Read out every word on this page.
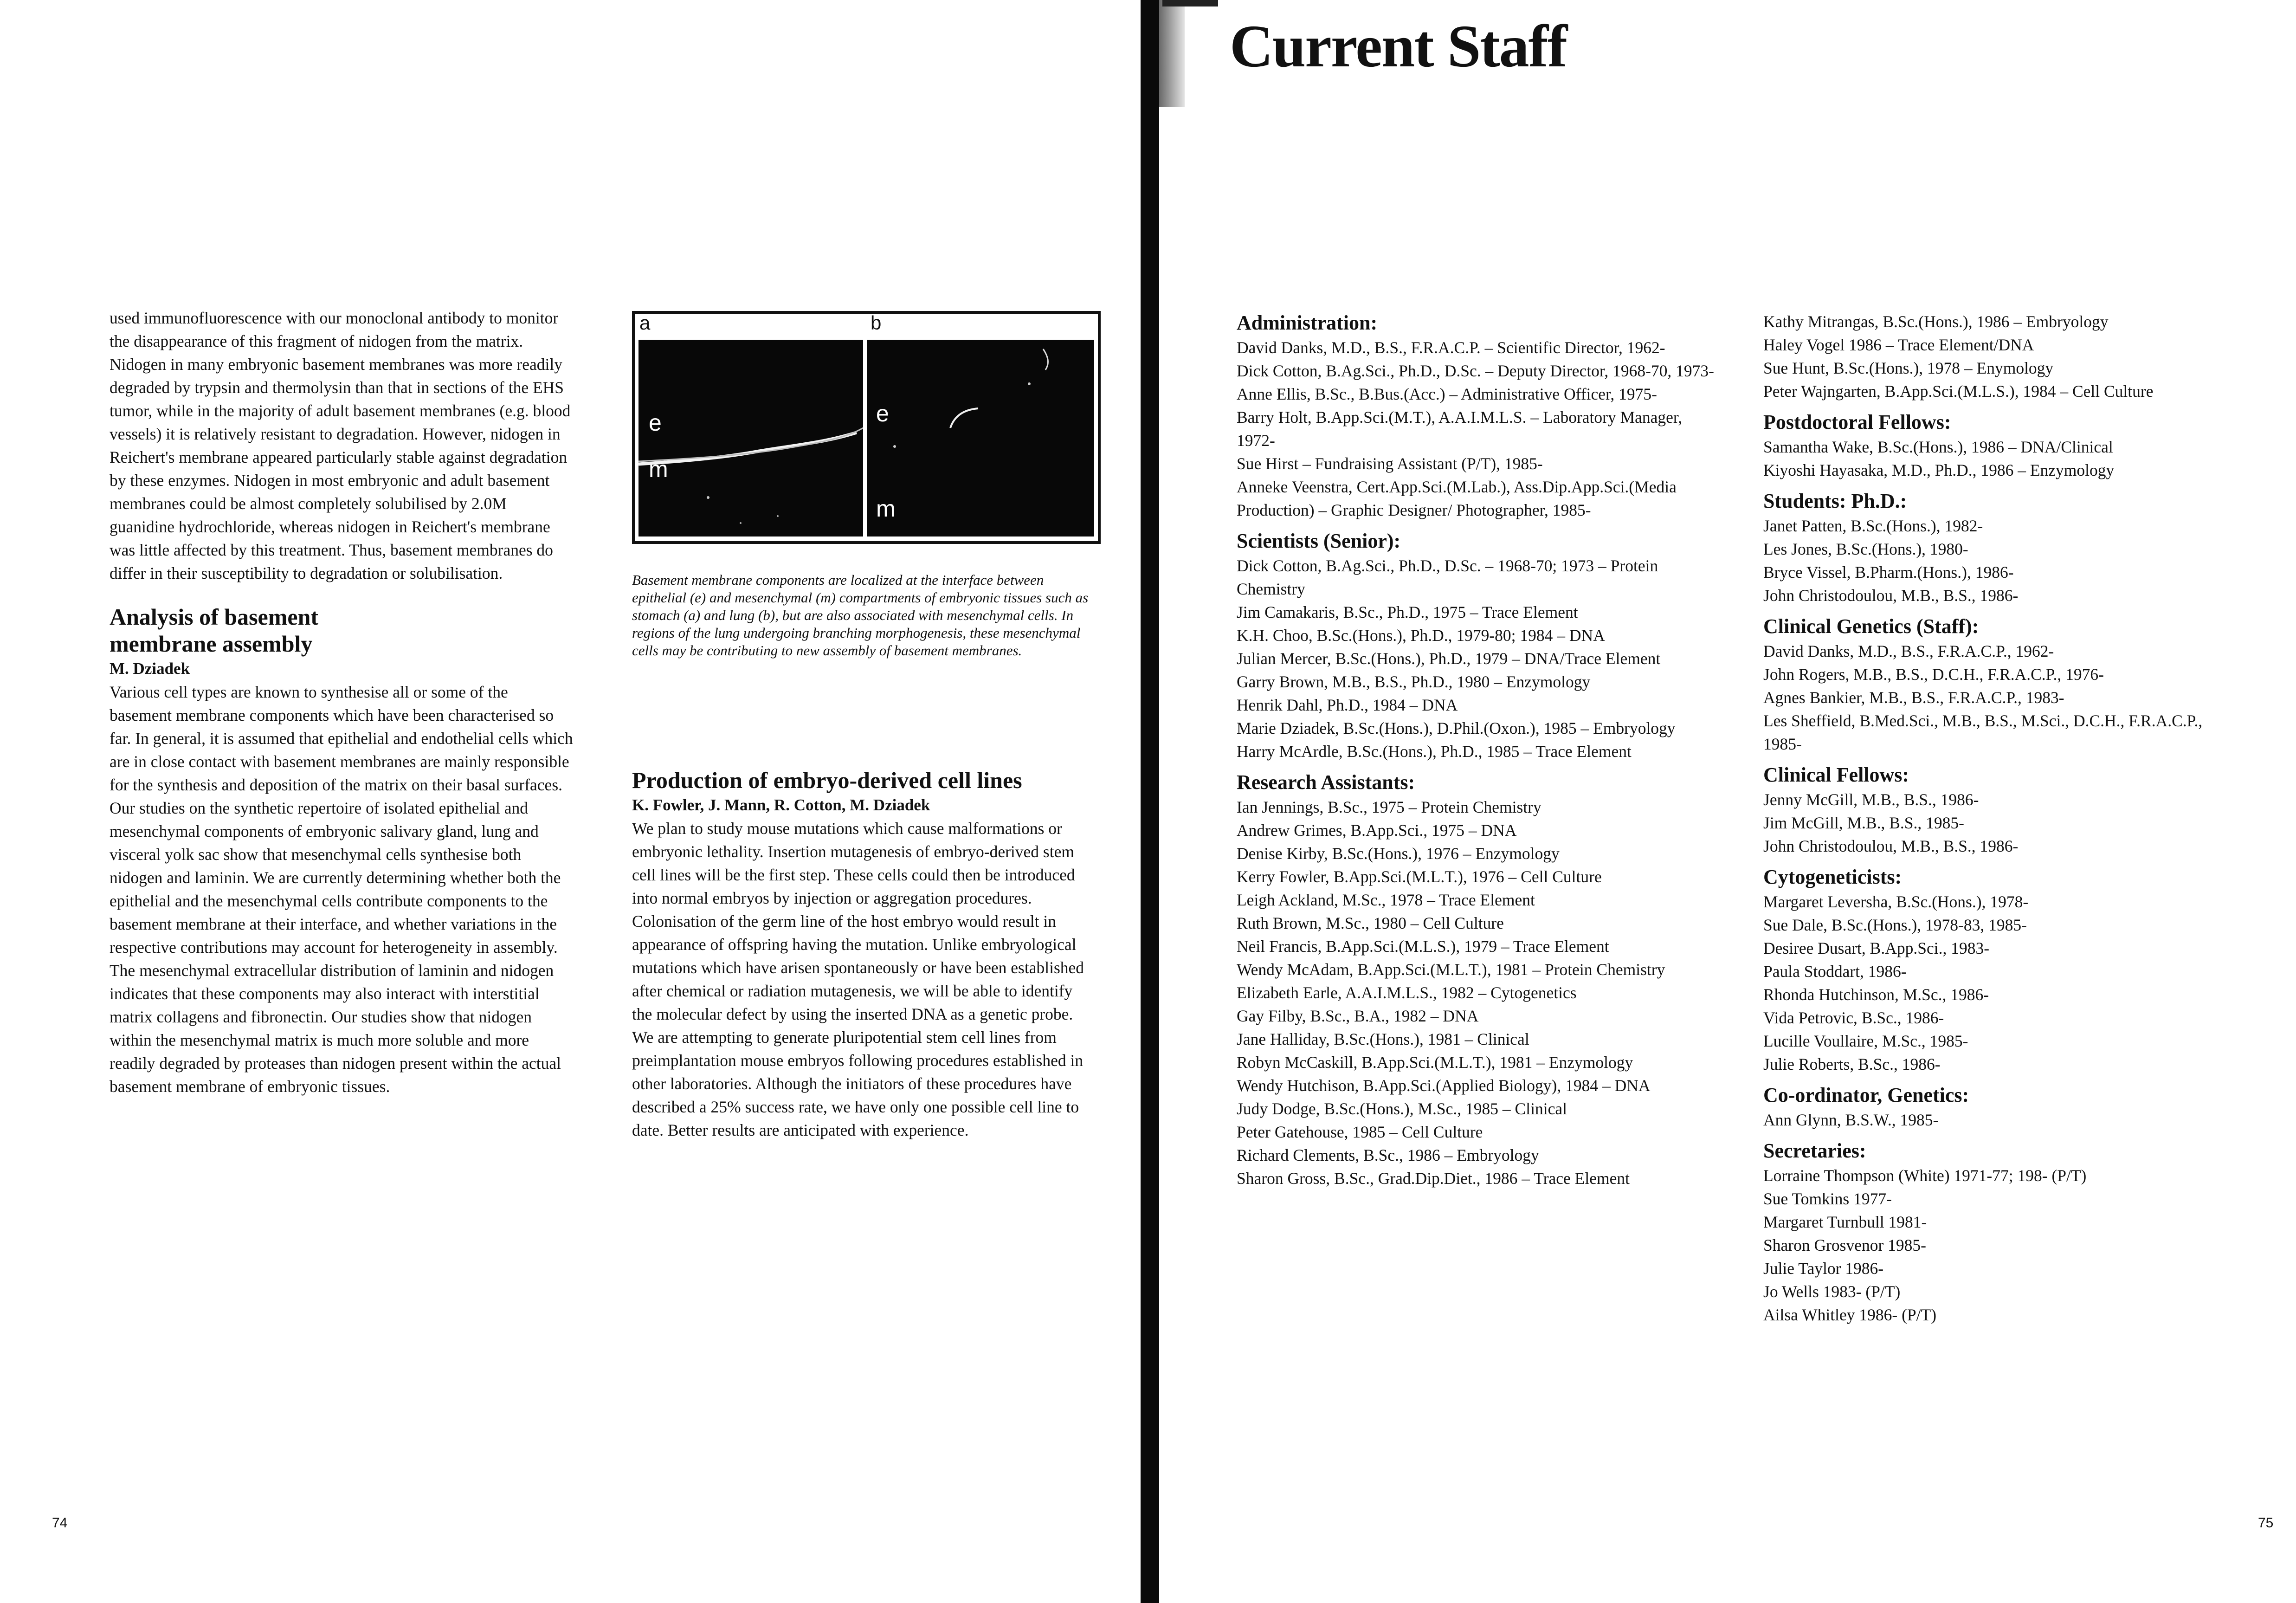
used immunofluorescence with our monoclonal antibody to monitor the disappearance of this fragment of nidogen from the matrix. Nidogen in many embryonic basement membranes was more readily degraded by trypsin and thermolysin than that in sections of the EHS tumor, while in the majority of adult basement membranes (e.g. blood vessels) it is relatively resistant to degradation. However, nidogen in Reichert's membrane appeared particularly stable against degradation by these enzymes. Nidogen in most embryonic and adult basement membranes could be almost completely solubilised by 2.0M guanidine hydrochloride, whereas nidogen in Reichert's membrane was little affected by this treatment. Thus, basement membranes do differ in their susceptibility to degradation or solubilisation.

Analysis of basement

membrane assembly

M. Dziadek

Various cell types are known to synthesise all or some of the basement membrane components which have been characterised so far. In general, it is assumed that epithelial and endothelial cells which are in close contact with basement membranes are mainly responsible for the synthesis and deposition of the matrix on their basal surfaces. Our studies on the synthetic repertoire of isolated epithelial and mesenchymal components of embryonic salivary gland, lung and visceral yolk sac show that mesenchymal cells synthesise both nidogen and laminin. We are currently determining whether both the epithelial and the mesenchymal cells contribute components to the basement membrane at their interface, and whether variations in the respective contributions may account for heterogeneity in assembly. The mesenchymal extracellular distribution of laminin and nidogen indicates that these components may also interact with interstitial matrix collagens and fibronectin. Our studies show that nidogen within the mesenchymal matrix is much more soluble and more readily degraded by proteases than nidogen present within the actual basement membrane of embryonic tissues.

a	b
e
m
e
m

Basement membrane components are localized at the interface between epithelial (e) and mesenchymal (m) compartments of embryonic tissues such as stomach (a) and lung (b), but are also associated with mesenchymal cells. In regions of the lung undergoing branching morphogenesis, these mesenchymal cells may be contributing to new assembly of basement membranes.

Production of embryo-derived cell lines

K. Fowler, J. Mann, R. Cotton, M. Dziadek

We plan to study mouse mutations which cause malformations or embryonic lethality. Insertion mutagenesis of embryo-derived stem cell lines will be the first step. These cells could then be introduced into normal embryos by injection or aggregation procedures. Colonisation of the germ line of the host embryo would result in appearance of offspring having the mutation. Unlike embryological mutations which have arisen spontaneously or have been established after chemical or radiation mutagenesis, we will be able to identify the molecular defect by using the inserted DNA as a genetic probe. We are attempting to generate pluripotential stem cell lines from preimplantation mouse embryos following procedures established in other laboratories. Although the initiators of these procedures have described a 25% success rate, we have only one possible cell line to date. Better results are anticipated with experience.

74
Current Staff
Administration:

David Danks, M.D., B.S., F.R.A.C.P. – Scientific Director, 1962-

Dick Cotton, B.Ag.Sci., Ph.D., D.Sc. – Deputy Director, 1968-70, 1973-

Anne Ellis, B.Sc., B.Bus.(Acc.) – Administrative Officer, 1975-

Barry Holt, B.App.Sci.(M.T.), A.A.I.M.L.S. – Laboratory Manager, 1972-

Sue Hirst – Fundraising Assistant (P/T), 1985-

Anneke Veenstra, Cert.App.Sci.(M.Lab.), Ass.Dip.App.Sci.(Media Production) – Graphic Designer/ Photographer, 1985-

Scientists (Senior):

Dick Cotton, B.Ag.Sci., Ph.D., D.Sc. – 1968-70; 1973 – Protein Chemistry

Jim Camakaris, B.Sc., Ph.D., 1975 – Trace Element

K.H. Choo, B.Sc.(Hons.), Ph.D., 1979-80; 1984 – DNA

Julian Mercer, B.Sc.(Hons.), Ph.D., 1979 – DNA/Trace Element

Garry Brown, M.B., B.S., Ph.D., 1980 – Enzymology

Henrik Dahl, Ph.D., 1984 – DNA

Marie Dziadek, B.Sc.(Hons.), D.Phil.(Oxon.), 1985 – Embryology

Harry McArdle, B.Sc.(Hons.), Ph.D., 1985 – Trace Element

Research Assistants:

Ian Jennings, B.Sc., 1975 – Protein Chemistry

Andrew Grimes, B.App.Sci., 1975 – DNA

Denise Kirby, B.Sc.(Hons.), 1976 – Enzymology

Kerry Fowler, B.App.Sci.(M.L.T.), 1976 – Cell Culture

Leigh Ackland, M.Sc., 1978 – Trace Element

Ruth Brown, M.Sc., 1980 – Cell Culture

Neil Francis, B.App.Sci.(M.L.S.), 1979 – Trace Element

Wendy McAdam, B.App.Sci.(M.L.T.), 1981 – Protein Chemistry

Elizabeth Earle, A.A.I.M.L.S., 1982 – Cytogenetics

Gay Filby, B.Sc., B.A., 1982 – DNA

Jane Halliday, B.Sc.(Hons.), 1981 – Clinical

Robyn McCaskill, B.App.Sci.(M.L.T.), 1981 – Enzymology

Wendy Hutchison, B.App.Sci.(Applied Biology), 1984 – DNA

Judy Dodge, B.Sc.(Hons.), M.Sc., 1985 – Clinical

Peter Gatehouse, 1985 – Cell Culture

Richard Clements, B.Sc., 1986 – Embryology

Sharon Gross, B.Sc., Grad.Dip.Diet., 1986 – Trace Element

Kathy Mitrangas, B.Sc.(Hons.), 1986 – Embryology

Haley Vogel 1986 – Trace Element/DNA

Sue Hunt, B.Sc.(Hons.), 1978 – Enymology

Peter Wajngarten, B.App.Sci.(M.L.S.), 1984 – Cell Culture

Postdoctoral Fellows:

Samantha Wake, B.Sc.(Hons.), 1986 – DNA/Clinical

Kiyoshi Hayasaka, M.D., Ph.D., 1986 – Enzymology

Students: Ph.D.:

Janet Patten, B.Sc.(Hons.), 1982-

Les Jones, B.Sc.(Hons.), 1980-

Bryce Vissel, B.Pharm.(Hons.), 1986-

John Christodoulou, M.B., B.S., 1986-

Clinical Genetics (Staff):

David Danks, M.D., B.S., F.R.A.C.P., 1962-

John Rogers, M.B., B.S., D.C.H., F.R.A.C.P., 1976-

Agnes Bankier, M.B., B.S., F.R.A.C.P., 1983-

Les Sheffield, B.Med.Sci., M.B., B.S., M.Sci., D.C.H., F.R.A.C.P., 1985-

Clinical Fellows:

Jenny McGill, M.B., B.S., 1986-

Jim McGill, M.B., B.S., 1985-

John Christodoulou, M.B., B.S., 1986-

Cytogeneticists:

Margaret Leversha, B.Sc.(Hons.), 1978-

Sue Dale, B.Sc.(Hons.), 1978-83, 1985-

Desiree Dusart, B.App.Sci., 1983-

Paula Stoddart, 1986-

Rhonda Hutchinson, M.Sc., 1986-

Vida Petrovic, B.Sc., 1986-

Lucille Voullaire, M.Sc., 1985-

Julie Roberts, B.Sc., 1986-

Co-ordinator, Genetics:

Ann Glynn, B.S.W., 1985-

Secretaries:

Lorraine Thompson (White) 1971-77; 198- (P/T)

Sue Tomkins 1977-

Margaret Turnbull 1981-

Sharon Grosvenor 1985-

Julie Taylor 1986-

Jo Wells 1983- (P/T)

Ailsa Whitley 1986- (P/T)

75
